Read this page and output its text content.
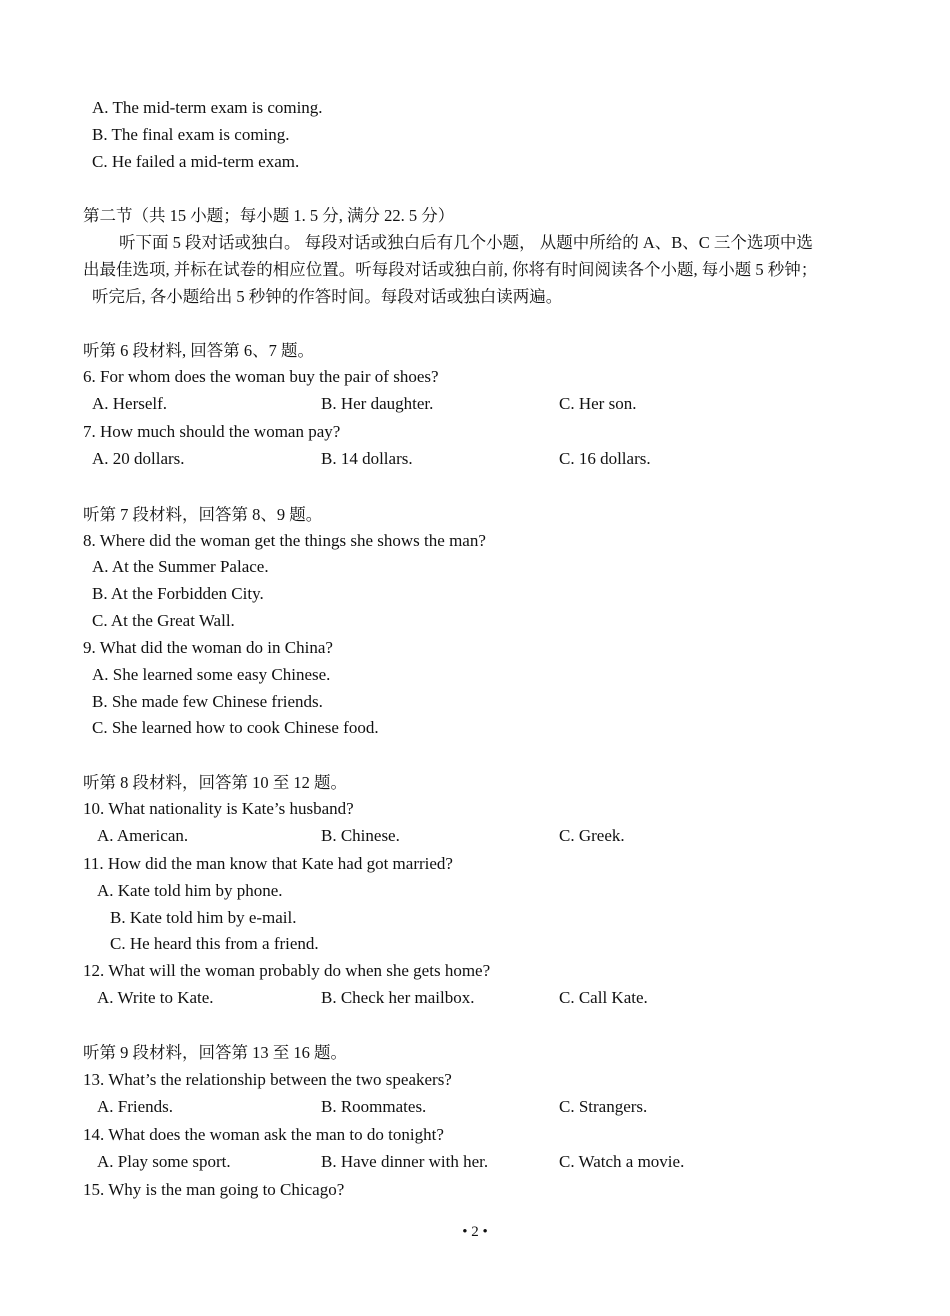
A. The mid-term exam is coming.
B. The final exam is coming.
C. He failed a mid-term exam.
第二节（共 15 小题；每小题 1. 5 分, 满分 22. 5 分）
听下面 5 段对话或独白。 每段对话或独白后有几个小题， 从题中所给的 A、B、C 三个选项中选
出最佳选项, 并标在试卷的相应位置。听每段对话或独白前, 你将有时间阅读各个小题, 每小题 5 秒钟；
听完后, 各小题给出 5 秒钟的作答时间。每段对话或独白读两遍。
听第 6 段材料, 回答第 6、7 题。
6. For whom does the woman buy the pair of shoes?
A. Herself.	B. Her daughter.	C. Her son.
7. How much should the woman pay?
A. 20 dollars.	B. 14 dollars.	C. 16 dollars.
听第 7 段材料，回答第 8、9 题。
8. Where did the woman get the things she shows the man?
A. At the Summer Palace.
B. At the Forbidden City.
C. At the Great Wall.
9. What did the woman do in China?
A. She learned some easy Chinese.
B. She made few Chinese friends.
C. She learned how to cook Chinese food.
听第 8 段材料，回答第 10 至 12 题。
10. What nationality is Kate’s husband?
A. American.	B. Chinese.	C. Greek.
11. How did the man know that Kate had got married?
A. Kate told him by phone.
B. Kate told him by e-mail.
C. He heard this from a friend.
12. What will the woman probably do when she gets home?
A. Write to Kate.	B. Check her mailbox.	C. Call Kate.
听第 9 段材料，回答第 13 至 16 题。
13. What’s the relationship between the two speakers?
A. Friends.	B. Roommates.	C. Strangers.
14. What does the woman ask the man to do tonight?
A. Play some sport.	B. Have dinner with her.	C. Watch a movie.
15. Why is the man going to Chicago?
• 2 •
